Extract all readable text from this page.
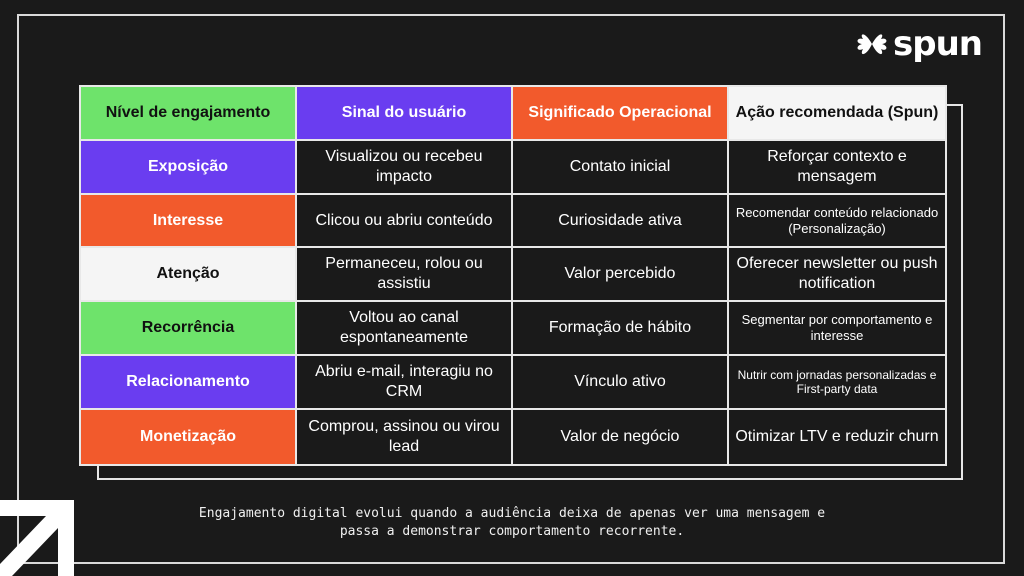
spun
Nível de engajamento	Sinal do usuário	Significado Operacional	Ação recomendada (Spun)
Exposição	Visualizou ou recebeu impacto	Contato inicial	Reforçar contexto e mensagem
Interesse	Clicou ou abriu conteúdo	Curiosidade ativa	Recomendar conteúdo relacionado (Personalização)
Atenção	Permaneceu, rolou ou assistiu	Valor percebido	Oferecer newsletter ou push notification
Recorrência	Voltou ao canal espontaneamente	Formação de hábito	Segmentar por comportamento e interesse
Relacionamento	Abriu e-mail, interagiu no CRM	Vínculo ativo	Nutrir com jornadas personalizadas e First-party data
Monetização	Comprou, assinou ou virou lead	Valor de negócio	Otimizar LTV e reduzir churn
Engajamento digital evolui quando a audiência deixa de apenas ver uma mensagem e
passa a demonstrar comportamento recorrente.
